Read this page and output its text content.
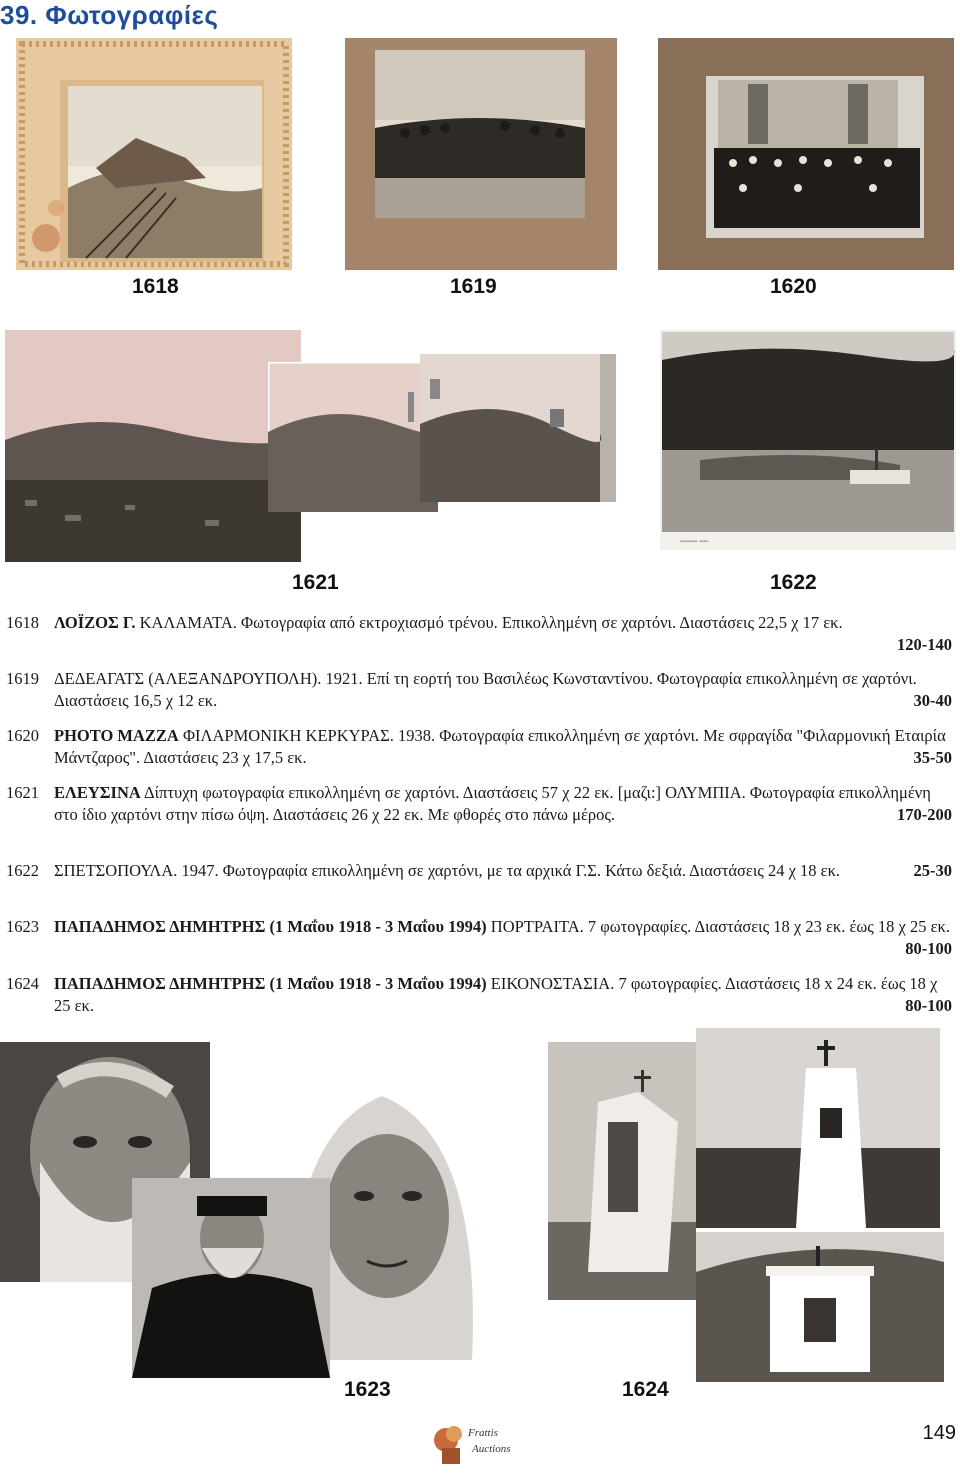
39. Φωτογραφίες
1618	1619	1620
~~~~ ~~
1621	1622
1618 ΛΟΪΖΟΣ Γ. ΚΑΛΑΜΑΤΑ. Φωτογραφία από εκτροχιασμό τρένου. Επικολλημένη σε χαρτόνι. Διαστάσεις 22,5 χ 17 εκ.
120-140
1619 ΔΕΔΕΑΓΑΤΣ (ΑΛΕΞΑΝΔΡΟΥΠΟΛΗ). 1921. Επί τη εορτή του Βασιλέως Κωνσταντίνου. Φωτογραφία επικολλημένη σε χαρτόνι. Διαστάσεις 16,5 χ 12 εκ.	30-40
1620 PHOTO MAZZA ΦΙΛΑΡΜΟΝΙΚΗ ΚΕΡΚΥΡΑΣ. 1938. Φωτογραφία επικολλημένη σε χαρτόνι. Με σφραγίδα "Φιλαρμονική Εταιρία Μάντζαρος". Διαστάσεις 23 χ 17,5 εκ.	35-50
1621 ΕΛΕΥΣΙΝΑ Δίπτυχη φωτογραφία επικολλημένη σε χαρτόνι. Διαστάσεις 57 χ 22 εκ. [μαζι:] ΟΛΥΜΠΙΑ. Φωτογραφία επικολλημένη στο ίδιο χαρτόνι στην πίσω όψη. Διαστάσεις 26 χ 22 εκ. Με φθορές στο πάνω μέρος.	170-200
1622 ΣΠΕΤΣΟΠΟΥΛΑ. 1947. Φωτογραφία επικολλημένη σε χαρτόνι, με τα αρχικά Γ.Σ. Κάτω δεξιά. Διαστάσεις 24 χ 18 εκ.	25-30
1623 ΠΑΠΑΔΗΜΟΣ ΔΗΜΗΤΡΗΣ (1 Μαΐου 1918 - 3 Μαΐου 1994) ΠΟΡΤΡΑΙΤΑ. 7 φωτογραφίες. Διαστάσεις 18 χ 23 εκ. έως 18 χ 25 εκ.
80-100
1624 ΠΑΠΑΔΗΜΟΣ ΔΗΜΗΤΡΗΣ (1 Μαΐου 1918 - 3 Μαΐου 1994) ΕΙΚΟΝΟΣΤΑΣΙΑ. 7 φωτογραφίες. Διαστάσεις 18 x 24 εκ. έως 18 χ 25 εκ.	80-100
1623	1624
Frattis
Auctions
149
